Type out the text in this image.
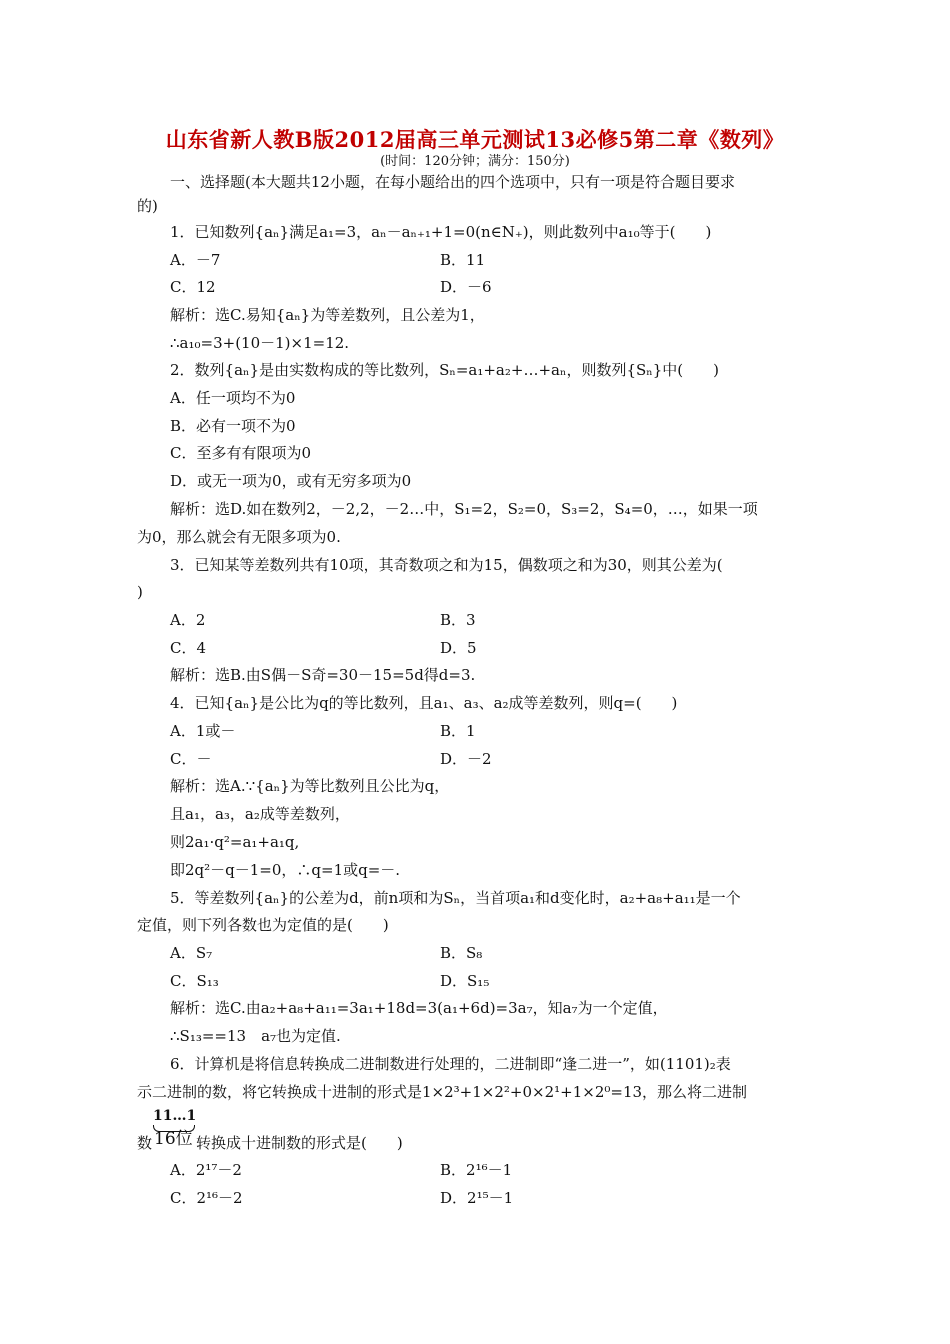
山东省新人教B版2012届高三单元测试13必修5第二章《数列》
(时间：120分钟；满分：150分)
一、选择题(本大题共12小题，在每小题给出的四个选项中，只有一项是符合题目要求
的)
1．已知数列{aₙ}满足a₁=3，aₙ－aₙ₊₁+1=0(n∈N₊)，则此数列中a₁₀等于(　　)
A．－7	B．11
C．12	D．－6
解析：选C.易知{aₙ}为等差数列，且公差为1，
∴a₁₀=3+(10－1)×1=12.
2．数列{aₙ}是由实数构成的等比数列，Sₙ=a₁+a₂+…+aₙ，则数列{Sₙ}中(　　)
A．任一项均不为0
B．必有一项不为0
C．至多有有限项为0
D．或无一项为0，或有无穷多项为0
解析：选D.如在数列2，－2,2，－2…中，S₁=2，S₂=0，S₃=2，S₄=0，…，如果一项
为0，那么就会有无限多项为0.
3．已知某等差数列共有10项，其奇数项之和为15，偶数项之和为30，则其公差为(
)
A．2	B．3
C．4	D．5
解析：选B.由S偶－S奇=30－15=5d得d=3.
4．已知{aₙ}是公比为q的等比数列，且a₁、a₃、a₂成等差数列，则q=(　　)
A．1或－	B．1
C．－	D．－2
解析：选A.∵{aₙ}为等比数列且公比为q，
且a₁，a₃，a₂成等差数列，
则2a₁·q²=a₁+a₁q,
即2q²－q－1=0，∴q=1或q=－.
5．等差数列{aₙ}的公差为d，前n项和为Sₙ，当首项a₁和d变化时，a₂+a₈+a₁₁是一个
定值，则下列各数也为定值的是(　　)
A．S₇	B．S₈
C．S₁₃	D．S₁₅
解析：选C.由a₂+a₈+a₁₁=3a₁+18d=3(a₁+6d)=3a₇，知a₇为一个定值，
∴S₁₃==13　a₇也为定值.
6．计算机是将信息转换成二进制数进行处理的，二进制即“逢二进一”，如(1101)₂表
示二进制的数，将它转换成十进制的形式是1×2³+1×2²+0×2¹+1×2⁰=13，那么将二进制
11…1
数 16位 转换成十进制数的形式是(　　)
A．2¹⁷－2	B．2¹⁶－1
C．2¹⁶－2	D．2¹⁵－1
